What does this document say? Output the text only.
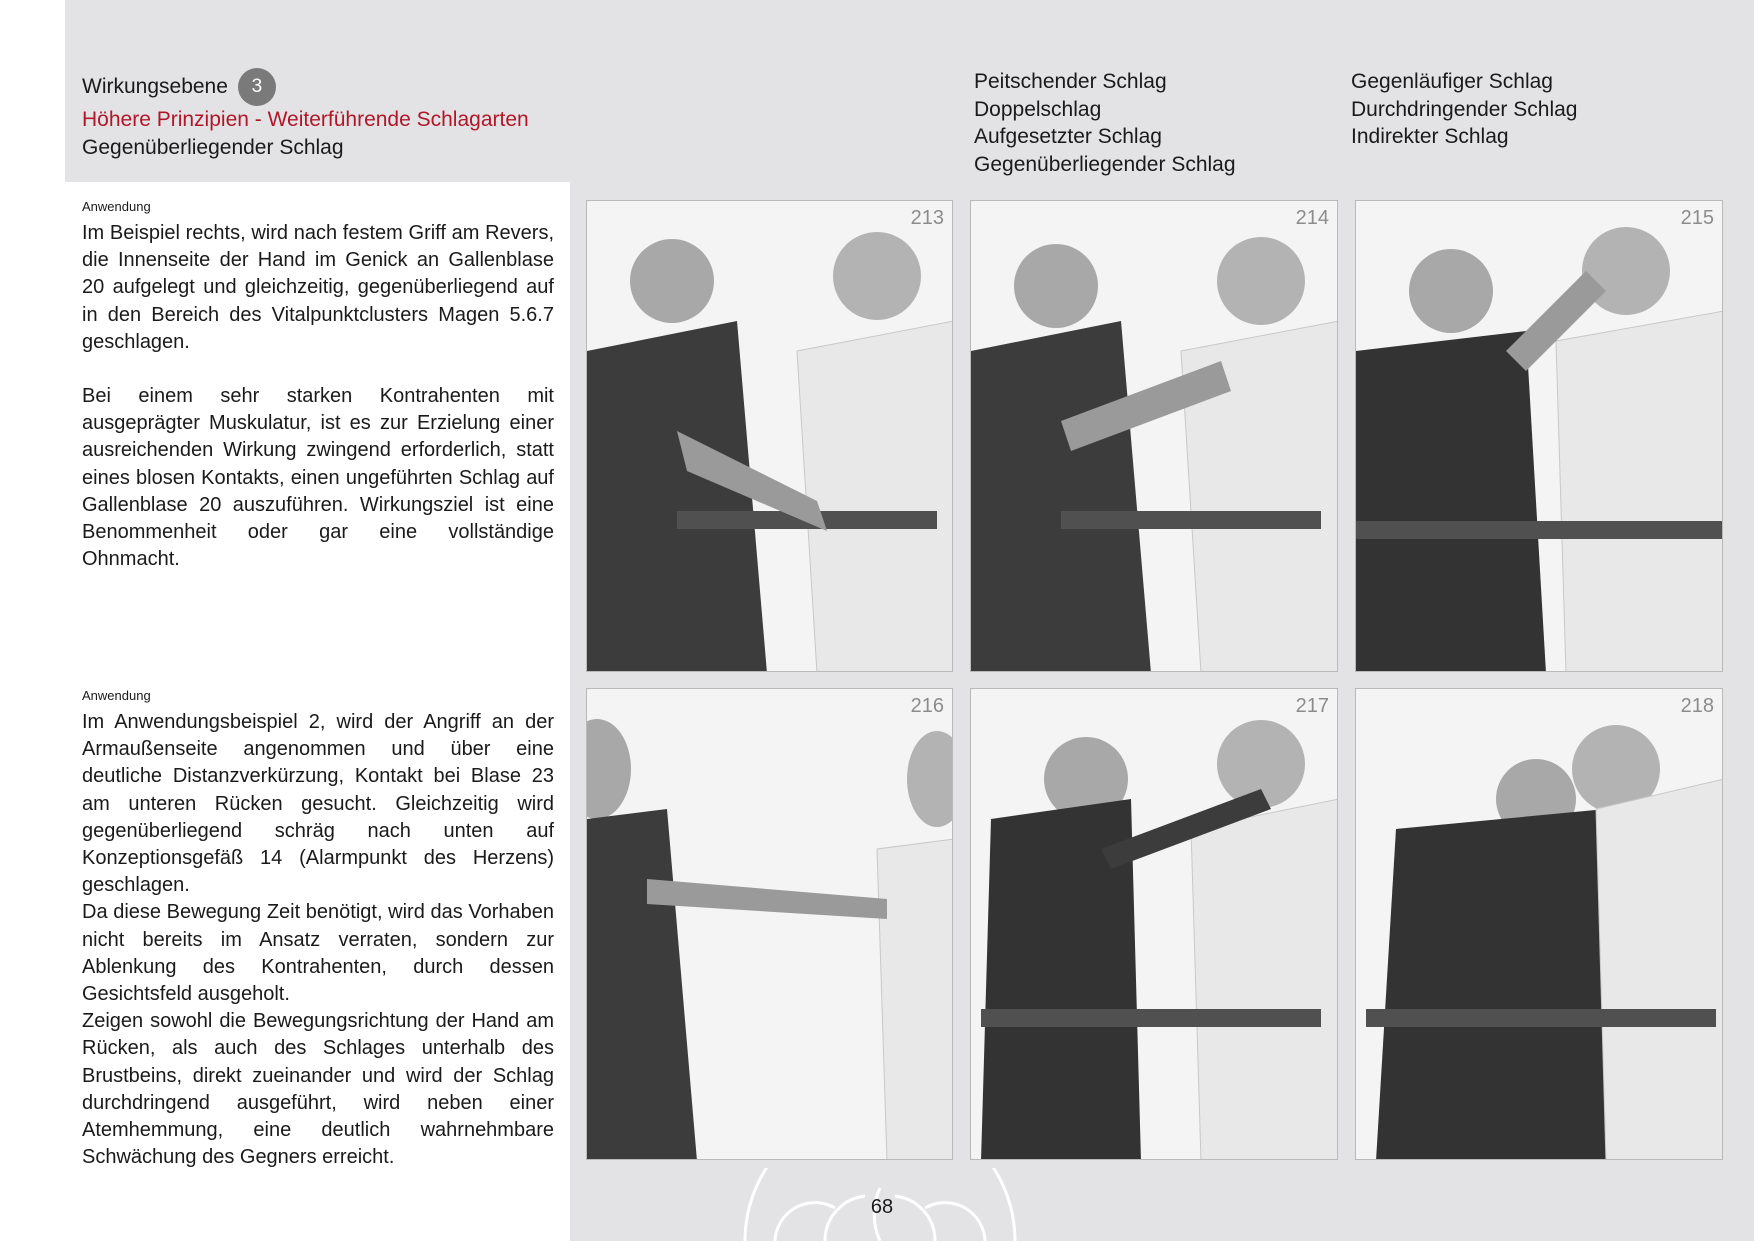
Wirkungsebene	3
Höhere Prinzipien - Weiterführende Schlagarten
Gegenüberliegender Schlag
Peitschender Schlag
Doppelschlag
Aufgesetzter Schlag
Gegenüberliegender Schlag
Gegenläufiger Schlag
Durchdringender Schlag
Indirekter Schlag
Anwendung

Im Beispiel rechts, wird nach festem Griff am Revers, die Innenseite der Hand im Genick an Gallenblase 20 aufgelegt und gleichzeitig, gegenüberliegend auf in den Bereich des Vitalpunktclusters Magen 5.6.7 geschlagen.

Bei einem sehr starken Kontrahenten mit ausgeprägter Muskulatur, ist es zur Erzielung einer ausreichenden Wirkung zwingend erforderlich, statt eines blosen Kontakts, einen ungeführten Schlag auf Gallenblase 20 auszuführen. Wirkungsziel ist eine Benommenheit oder gar eine vollständige Ohnmacht.

Anwendung

Im Anwendungsbeispiel 2, wird der Angriff an der Armaußenseite angenommen und über eine deutliche Distanzverkürzung, Kontakt bei Blase 23 am unteren Rücken gesucht. Gleichzeitig wird gegenüberliegend schräg nach unten auf Konzeptionsgefäß 14 (Alarmpunkt des Herzens) geschlagen.

Da diese Bewegung Zeit benötigt, wird das Vorhaben nicht bereits im Ansatz verraten, sondern zur Ablenkung des Kontrahenten, durch dessen Gesichtsfeld ausgeholt.

Zeigen sowohl die Bewegungsrichtung der Hand am Rücken, als auch des Schlages unterhalb des Brustbeins, direkt zueinander und wird der Schlag durchdringend ausgeführt, wird neben einer Atemhemmung, eine deutlich wahrnehmbare Schwächung des Gegners erreicht.

213	214	215
216	217	218
68
